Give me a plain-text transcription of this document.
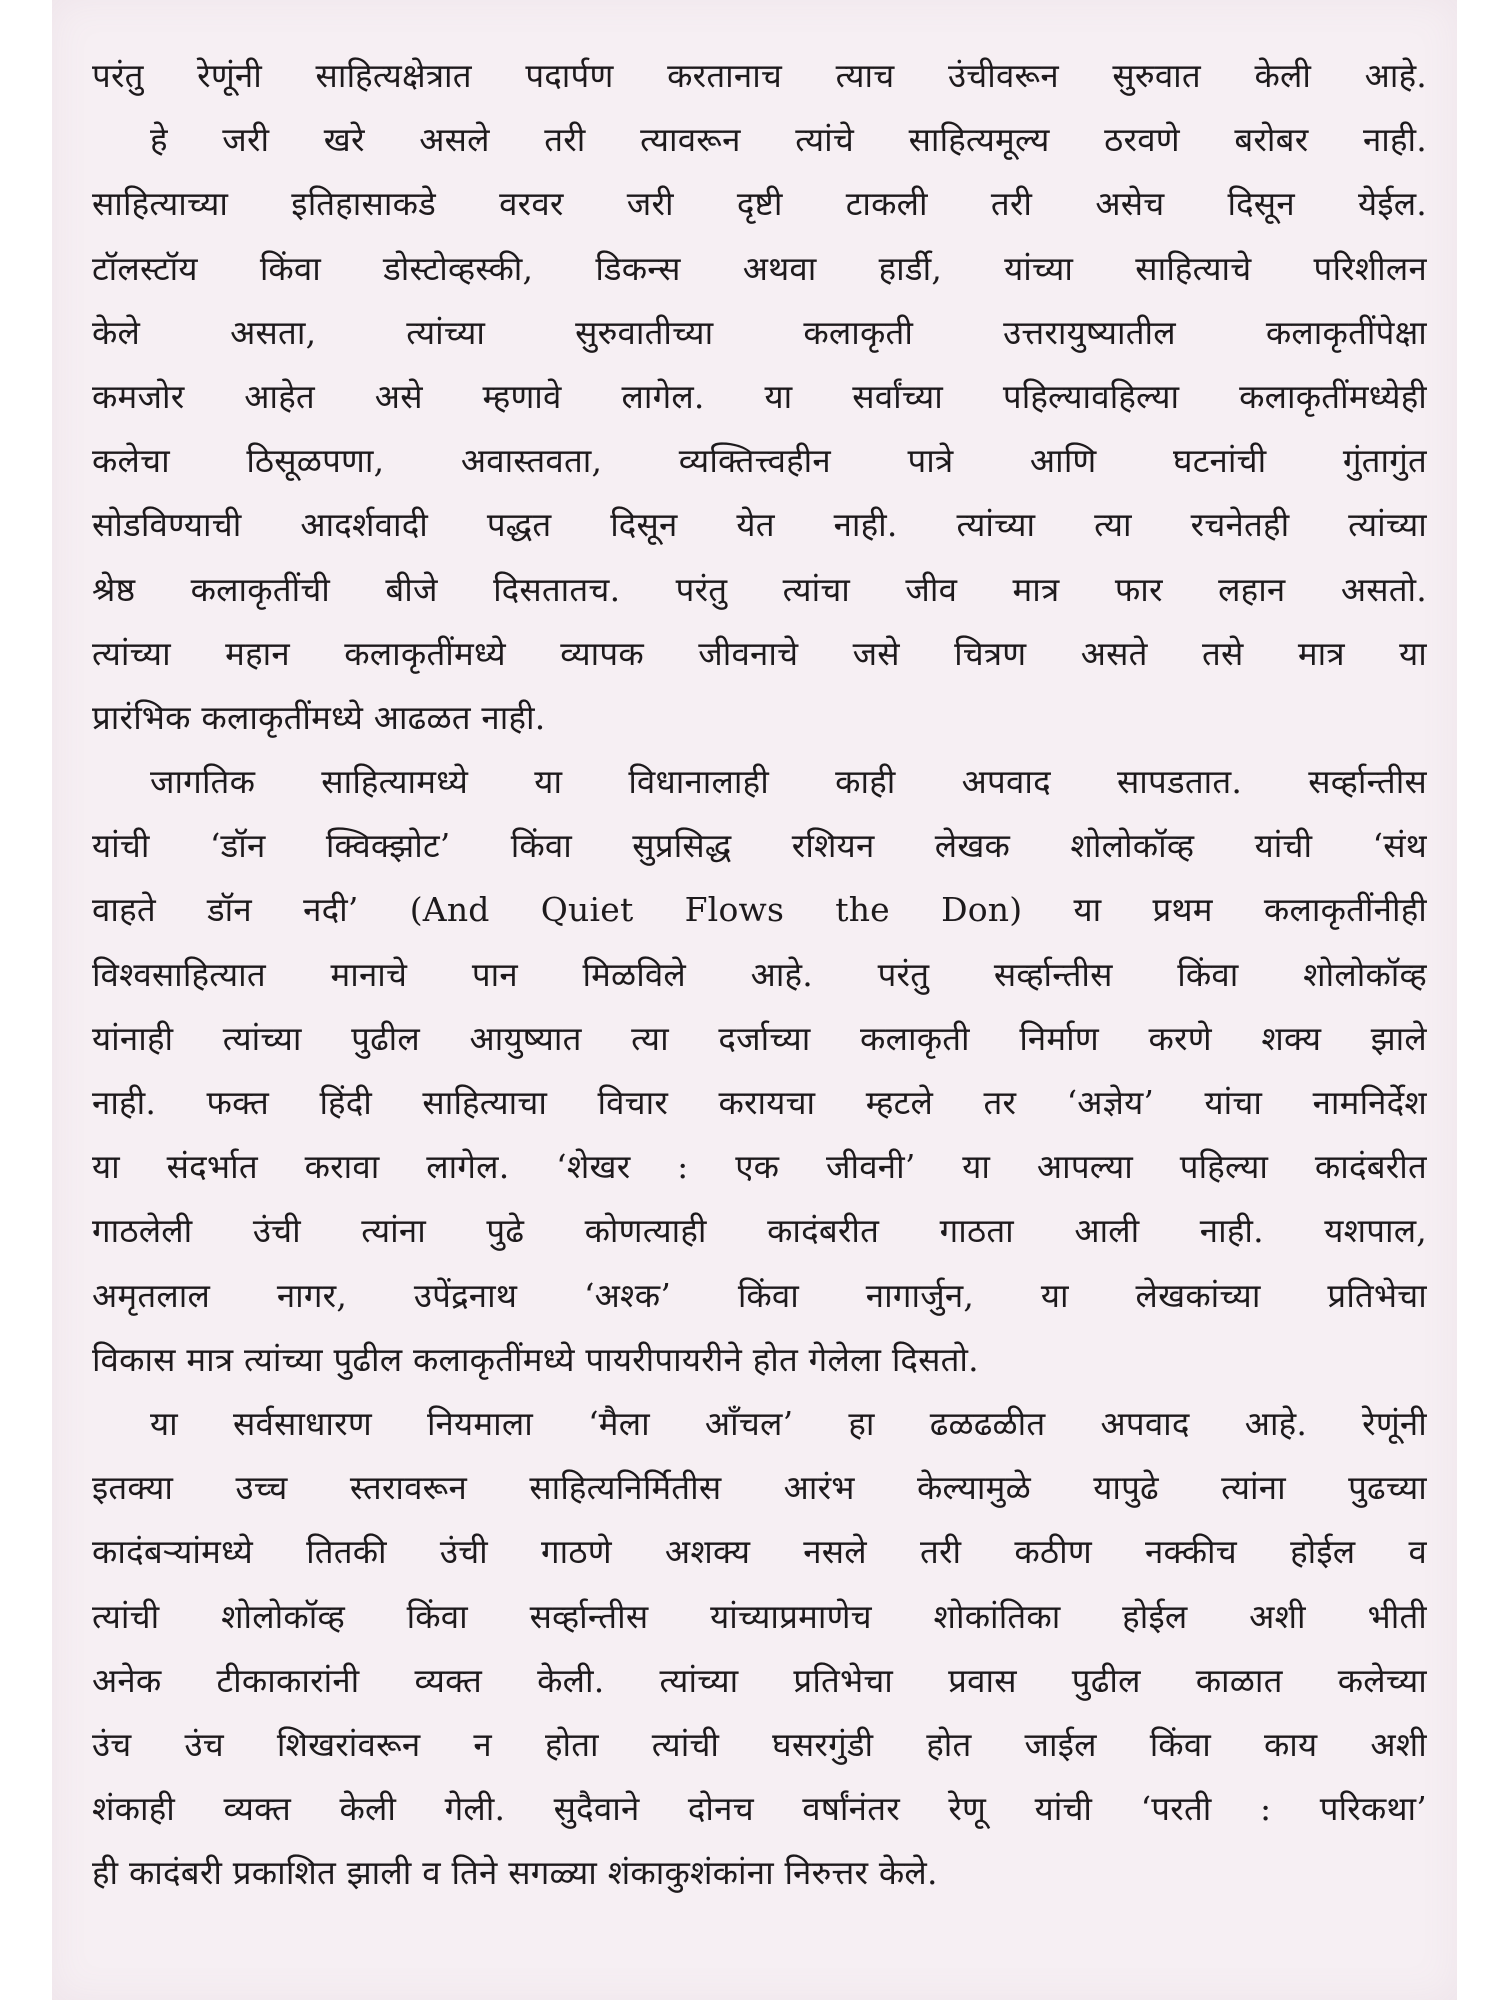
परंतु रेणूंनी साहित्यक्षेत्रात पदार्पण करतानाच त्याच उंचीवरून सुरुवात केली आहे.
हे जरी खरे असले तरी त्यावरून त्यांचे साहित्यमूल्य ठरवणे बरोबर नाही.
साहित्याच्या इतिहासाकडे वरवर जरी दृष्टी टाकली तरी असेच दिसून येईल.
टॉलस्टॉय किंवा डोस्टोव्हस्की, डिकन्स अथवा हार्डी, यांच्या साहित्याचे परिशीलन
केले असता, त्यांच्या सुरुवातीच्या कलाकृती उत्तरायुष्यातील कलाकृतींपेक्षा
कमजोर आहेत असे म्हणावे लागेल. या सर्वांच्या पहिल्यावहिल्या कलाकृतींमध्येही
कलेचा ठिसूळपणा, अवास्तवता, व्यक्तित्त्वहीन पात्रे आणि घटनांची गुंतागुंत
सोडविण्याची आदर्शवादी पद्धत दिसून येत नाही. त्यांच्या त्या रचनेतही त्यांच्या
श्रेष्ठ कलाकृतींची बीजे दिसतातच. परंतु त्यांचा जीव मात्र फार लहान असतो.
त्यांच्या महान कलाकृतींमध्ये व्यापक जीवनाचे जसे चित्रण असते तसे मात्र या
प्रारंभिक कलाकृतींमध्ये आढळत नाही.
जागतिक साहित्यामध्ये या विधानालाही काही अपवाद सापडतात. सर्व्हान्तीस
यांची ‘डॉन क्विक्झोट’ किंवा सुप्रसिद्ध रशियन लेखक शोलोकॉव्ह यांची ‘संथ
वाहते डॉन नदी’ (And Quiet Flows the Don) या प्रथम कलाकृतींनीही
विश्वसाहित्यात मानाचे पान मिळविले आहे. परंतु सर्व्हान्तीस किंवा शोलोकॉव्ह
यांनाही त्यांच्या पुढील आयुष्यात त्या दर्जाच्या कलाकृती निर्माण करणे शक्य झाले
नाही. फक्त हिंदी साहित्याचा विचार करायचा म्हटले तर ‘अज्ञेय’ यांचा नामनिर्देश
या संदर्भात करावा लागेल. ‘शेखर : एक जीवनी’ या आपल्या पहिल्या कादंबरीत
गाठलेली उंची त्यांना पुढे कोणत्याही कादंबरीत गाठता आली नाही. यशपाल,
अमृतलाल नागर, उपेंद्रनाथ ‘अश्क’ किंवा नागार्जुन, या लेखकांच्या प्रतिभेचा
विकास मात्र त्यांच्या पुढील कलाकृतींमध्ये पायरीपायरीने होत गेलेला दिसतो.
या सर्वसाधारण नियमाला ‘मैला आँचल’ हा ढळढळीत अपवाद आहे. रेणूंनी
इतक्या उच्च स्तरावरून साहित्यनिर्मितीस आरंभ केल्यामुळे यापुढे त्यांना पुढच्या
कादंबऱ्यांमध्ये तितकी उंची गाठणे अशक्य नसले तरी कठीण नक्कीच होईल व
त्यांची शोलोकॉव्ह किंवा सर्व्हान्तीस यांच्याप्रमाणेच शोकांतिका होईल अशी भीती
अनेक टीकाकारांनी व्यक्त केली. त्यांच्या प्रतिभेचा प्रवास पुढील काळात कलेच्या
उंच उंच शिखरांवरून न होता त्यांची घसरगुंडी होत जाईल किंवा काय अशी
शंकाही व्यक्त केली गेली. सुदैवाने दोनच वर्षांनंतर रेणू यांची ‘परती : परिकथा’
ही कादंबरी प्रकाशित झाली व तिने सगळ्या शंकाकुशंकांना निरुत्तर केले.
